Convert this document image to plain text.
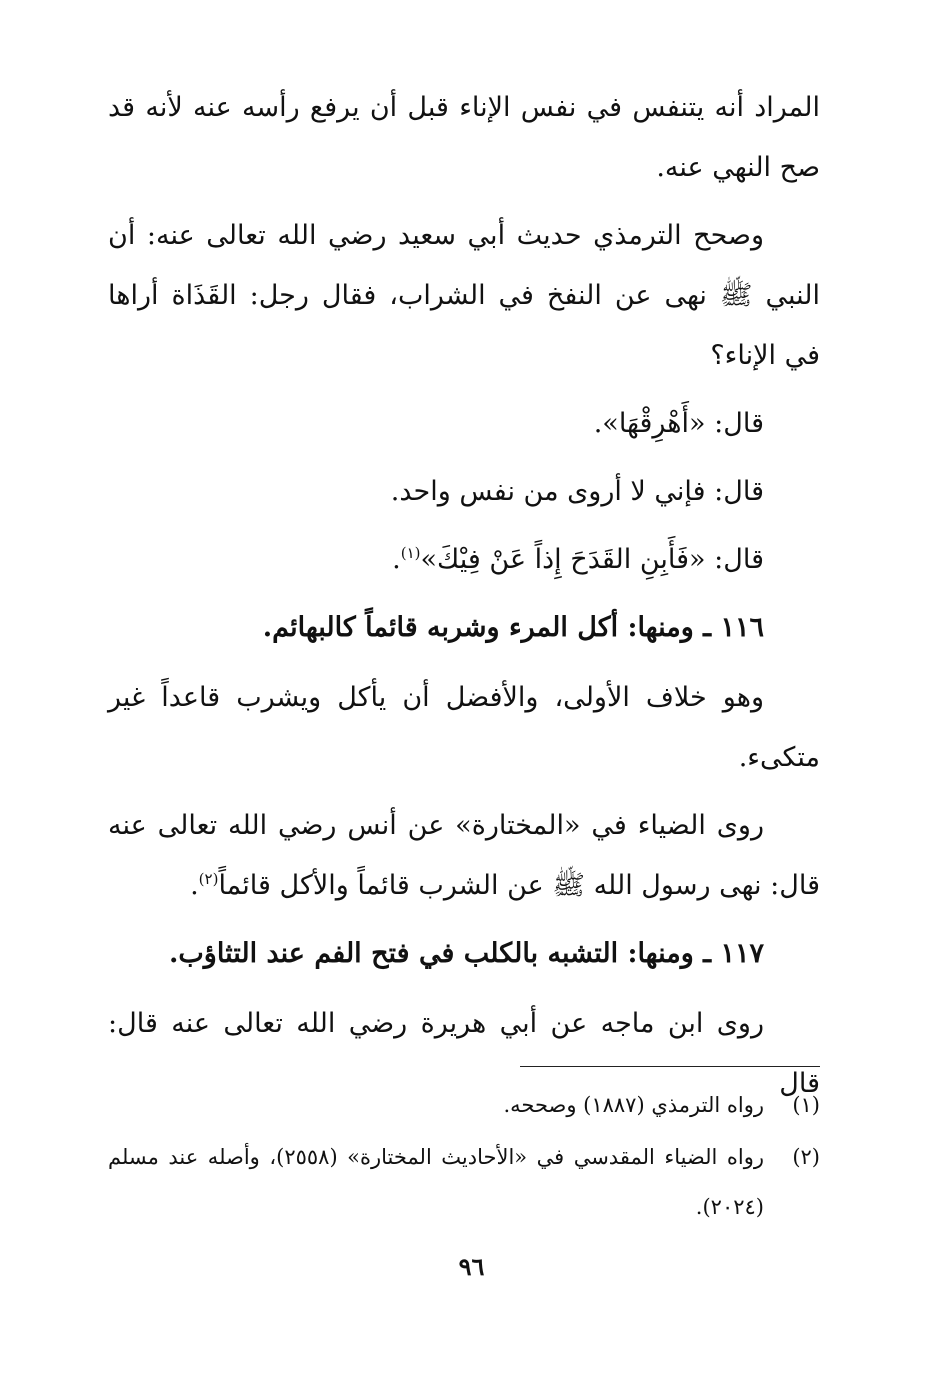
المراد أنه يتنفس في نفس الإناء قبل أن يرفع رأسه عنه لأنه قد صح النهي عنه.

وصحح الترمذي حديث أبي سعيد رضي الله تعالى عنه: أن النبي ﷺ نهى عن النفخ في الشراب، فقال رجل: القَذَاة أراها في الإناء؟

قال: «أَهْرِقْهَا».

قال: فإني لا أروى من نفس واحد.

قال: «فَأَبِنِ القَدَحَ إِذاً عَنْ فِيْكَ»$^{(١)}$.

١١٦ ـ ومنها: أكل المرء وشربه قائماً كالبهائم.

وهو خلاف الأولى، والأفضل أن يأكل ويشرب قاعداً غير متكىء.

روى الضياء في «المختارة» عن أنس رضي الله تعالى عنه قال: نهى رسول الله ﷺ عن الشرب قائماً والأكل قائماً$^{(٢)}$.

١١٧ ـ ومنها: التشبه بالكلب في فتح الفم عند التثاؤب.

روى ابن ماجه عن أبي هريرة رضي الله تعالى عنه قال: قال

(١)
رواه الترمذي (١٨٨٧) وصححه.
(٢)
رواه الضياء المقدسي في «الأحاديث المختارة» (٢٥٥٨)، وأصله عند مسلم (٢٠٢٤).
٩٦
